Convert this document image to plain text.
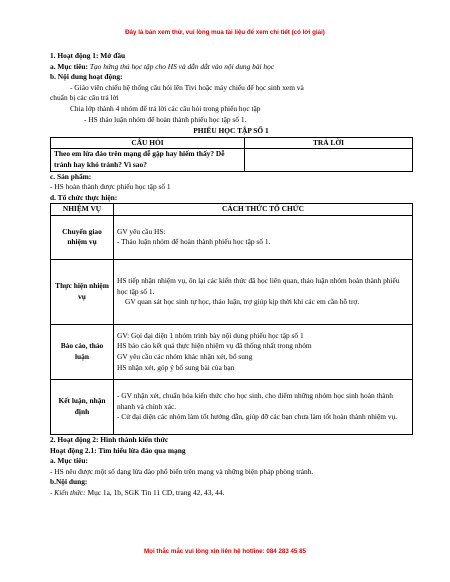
Đây là bản xem thử, vui lòng mua tài liệu để xem chi tiết (có lời giải)
1. Hoạt động 1: Mở đầu
a. Mục tiêu: Tạo hứng thú học tập cho HS và dẫn dắt vào nội dung bài học
b. Nội dung hoạt động:
- Giáo viên chiếu hệ thống câu hỏi lên Tivi hoặc máy chiếu để học sinh xem và
chuẩn bị các câu trả lời
Chia lớp thành 4 nhóm để trả lời các câu hỏi trong phiếu học tập
- HS thảo luận nhóm để hoàn thành phiếu học tập số 1.
PHIẾU HỌC TẬP SỐ 1
CÂU HỎI	TRẢ LỜI
Theo em lừa đảo trên mạng dễ gặp hay hiếm thấy? Dễ tránh hay khó tránh? Vì sao?	
c. Sản phẩm:
- HS hoàn thành được phiếu học tập số 1
d. Tổ chức thực hiện:
NHIỆM VỤ	CÁCH THỨC TỔ CHỨC
Chuyển giao nhiệm vụ	GV yêu cầu HS:
- Thảo luận nhóm để hoàn thành phiếu học tập số 1.

Thực hiện nhiệm vụ	HS tiếp nhận nhiệm vụ, ôn lại các kiến thức đã học liên quan, thảo luận nhóm hoàn thành phiếu học tập số 1.
GV quan sát học sinh tự học, thảo luận, trợ giúp kịp thời khi các em cần hỗ trợ.

Báo cáo, thảo luận	GV: Gọi đại diện 1 nhóm trình bày nội dung phiếu học tập số 1
HS báo cáo kết quả thực hiện nhiệm vụ đã thống nhất trong nhóm
GV yêu cầu các nhóm khác nhận xét, bổ sung
HS nhận xét, góp ý bổ sung bài của bạn

Kết luận, nhận định	- GV nhận xét, chuẩn hóa kiến thức cho học sinh, cho điểm những nhóm học sinh hoàn thành nhanh và chính xác.
- Cử đại diện các nhóm làm tốt hướng dẫn, giúp đỡ các bạn chưa làm tốt hoàn thành nhiệm vụ.
2. Hoạt động 2: Hình thành kiến thức
Hoạt động 2.1: Tìm hiểu lừa đảo qua mạng
a. Mục tiêu:
- HS nêu được một số dạng lừa đảo phổ biến trên mạng và những biện pháp phòng tránh.
b.Nội dung:
- Kiến thức: Mục 1a, 1b, SGK Tin 11 CD, trang 42, 43, 44.
Mọi thắc mắc vui lòng xin liên hệ hotline: 084 283 45 85
